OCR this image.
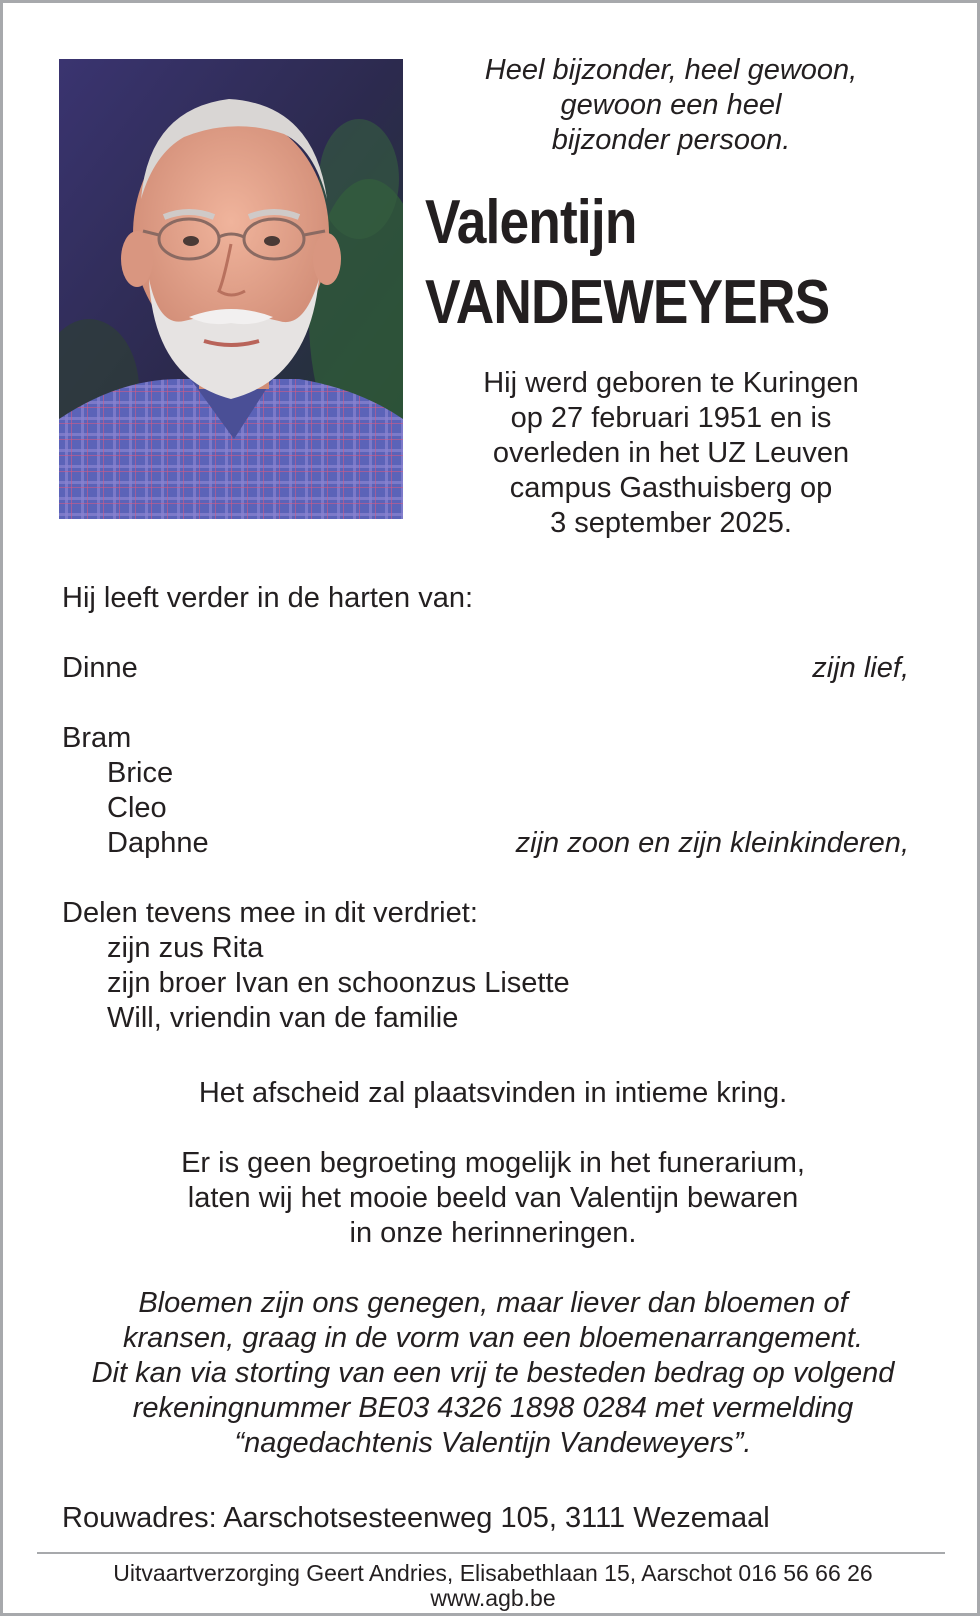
Heel bijzonder, heel gewoon,
gewoon een heel
bijzonder persoon.

Valentijn
VANDEWEYERS

Hij werd geboren te Kuringen
op 27 februari 1951 en is
overleden in het UZ Leuven
campus Gasthuisberg op
3 september 2025.

Hij leeft verder in de harten van:

Dinne	zijn lief,

Bram

Brice

Cleo

Daphne	zijn zoon en zijn kleinkinderen,

Delen tevens mee in dit verdriet:

zijn zus Rita

zijn broer Ivan en schoonzus Lisette

Will, vriendin van de familie

Het afscheid zal plaatsvinden in intieme kring.

Er is geen begroeting mogelijk in het funerarium,
laten wij het mooie beeld van Valentijn bewaren
in onze herinneringen.

Bloemen zijn ons genegen, maar liever dan bloemen of
kransen, graag in de vorm van een bloemenarrangement.
Dit kan via storting van een vrij te besteden bedrag op volgend
rekeningnummer BE03 4326 1898 0284 met vermelding
“nagedachtenis Valentijn Vandeweyers”.

Rouwadres: Aarschotsesteenweg 105, 3111 Wezemaal

Uitvaartverzorging Geert Andries, Elisabethlaan 15, Aarschot 016 56 66 26
www.agb.be
